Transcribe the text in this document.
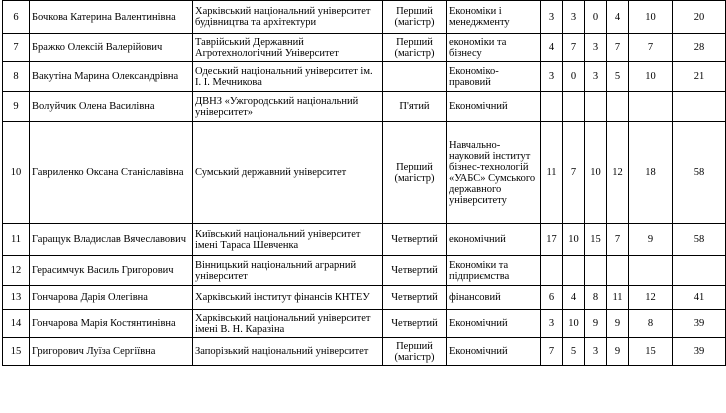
6	Бочкова Катерина Валентинівна	Харківський національний університет будівництва та архітектури	Перший (магістр)	Економіки і менеджменту	3	3	0	4	10	20
7	Бражко Олексій Валерійович	Таврійський Державний Агротехнологічний Університет	Перший (магістр)	економіки та бізнесу	4	7	3	7	7	28
8	Вакутіна Марина Олександрівна	Одеський національний університет ім. І. І. Мечникова		Економіко-правовий	3	0	3	5	10	21
9	Волуйчик Олена Василівна	ДВНЗ «Ужгородський національний університет»	П'ятий	Економічний						
10	Гавриленко Оксана Станіславівна	Сумський державний університет	Перший (магістр)	Навчально-науковий інститут бізнес-технологій «УАБС» Сумського державного університету	11	7	10	12	18	58
11	Гаращук Владислав Вячеславович	Київський національний університет імені Тараса Шевченка	Четвертий	економічний	17	10	15	7	9	58
12	Герасимчук Василь Григорович	Вінницький національний аграрний університет	Четвертий	Економіки та підприємства						
13	Гончарова Дарія Олегівна	Харківський інститут фінансів КНТЕУ	Четвертий	фінансовий	6	4	8	11	12	41
14	Гончарова Марія Костянтинівна	Харківський національний університет імені В. Н. Каразіна	Четвертий	Економічний	3	10	9	9	8	39
15	Григорович Луїза Сергіївна	Запорізький національний університет	Перший (магістр)	Економічний	7	5	3	9	15	39
